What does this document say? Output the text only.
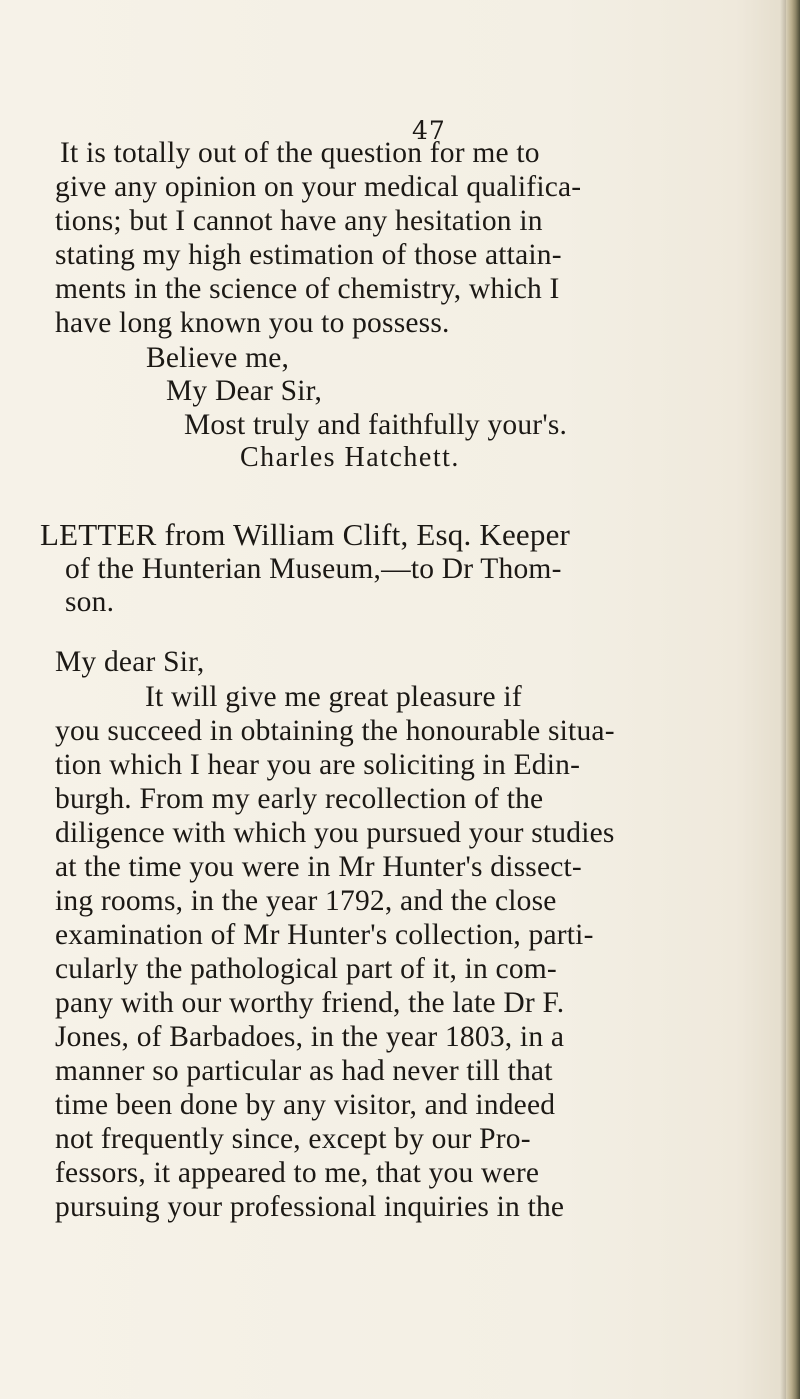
47
It is totally out of the question for me to
give any opinion on your medical qualifica-
tions; but I cannot have any hesitation in
stating my high estimation of those attain-
ments in the science of chemistry, which I
have long known you to possess.
Believe me,
My Dear Sir,
Most truly and faithfully your's.
Charles Hatchett.
LETTER from William Clift, Esq. Keeper
of the Hunterian Museum,—to Dr Thom-
son.
My dear Sir,
It will give me great pleasure if
you succeed in obtaining the honourable situa-
tion which I hear you are soliciting in Edin-
burgh. From my early recollection of the
diligence with which you pursued your studies
at the time you were in Mr Hunter's dissect-
ing rooms, in the year 1792, and the close
examination of Mr Hunter's collection, parti-
cularly the pathological part of it, in com-
pany with our worthy friend, the late Dr F.
Jones, of Barbadoes, in the year 1803, in a
manner so particular as had never till that
time been done by any visitor, and indeed
not frequently since, except by our Pro-
fessors, it appeared to me, that you were
pursuing your professional inquiries in the
